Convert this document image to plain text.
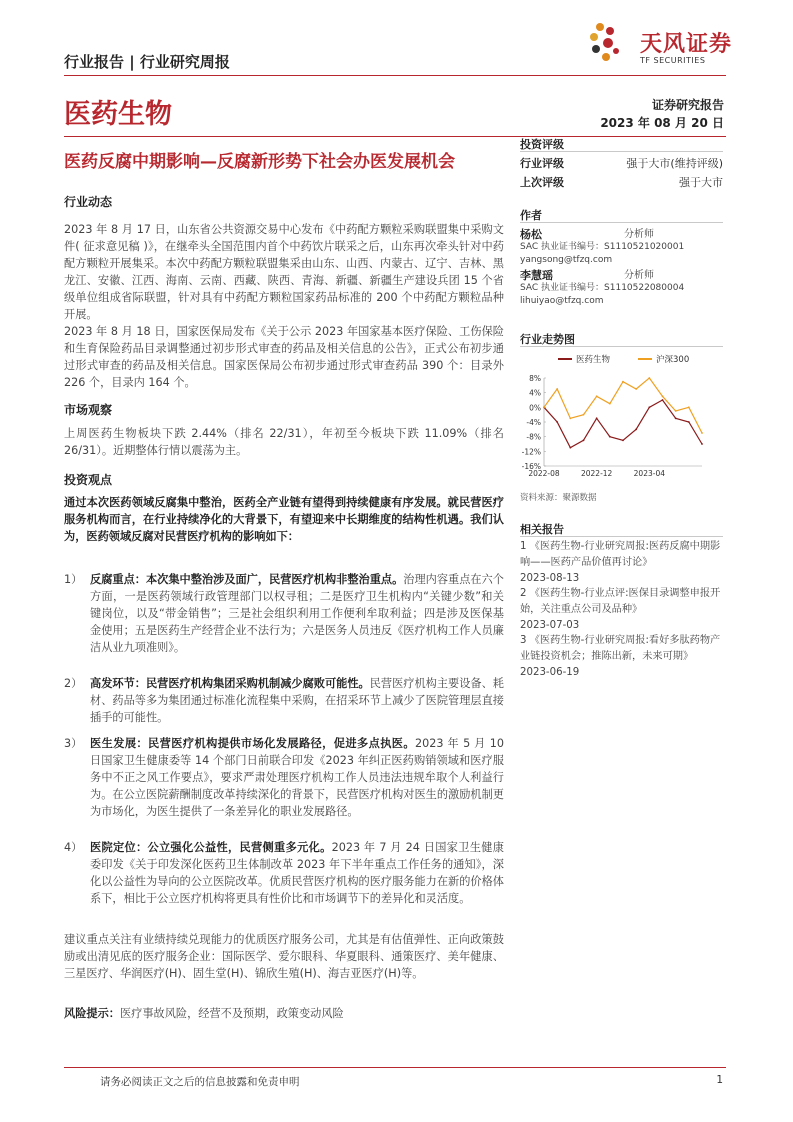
行业报告 | 行业研究周报
天风证券
TF SECURITIES
医药生物	证券研究报告
2023 年 08 月 20 日
医药反腐中期影响—反腐新形势下社会办医发展机会
行业动态
2023 年 8 月 17 日，山东省公共资源交易中心发布《中药配方颗粒采购联盟集中采购文件( 征求意见稿 )》，在继牵头全国范围内首个中药饮片联采之后，山东再次牵头针对中药配方颗粒开展集采。本次中药配方颗粒联盟集采由山东、山西、内蒙古、辽宁、吉林、黑龙江、安徽、江西、海南、云南、西藏、陕西、青海、新疆、新疆生产建设兵团 15 个省级单位组成省际联盟，针对具有中药配方颗粒国家药品标准的 200 个中药配方颗粒品种开展。
2023 年 8 月 18 日，国家医保局发布《关于公示 2023 年国家基本医疗保险、工伤保险和生育保险药品目录调整通过初步形式审查的药品及相关信息的公告》，正式公布初步通过形式审查的药品及相关信息。国家医保局公布初步通过形式审查药品 390 个：目录外 226 个，目录内 164 个。
市场观察
上周医药生物板块下跌 2.44%（排名 22/31），年初至今板块下跌 11.09%（排名 26/31）。近期整体行情以震荡为主。
投资观点
通过本次医药领域反腐集中整治，医药全产业链有望得到持续健康有序发展。就民营医疗服务机构而言，在行业持续净化的大背景下，有望迎来中长期维度的结构性机遇。我们认为，医药领域反腐对民营医疗机构的影响如下：
1） 反腐重点：本次集中整治涉及面广，民营医疗机构非整治重点。治理内容重点在六个方面，一是医药领域行政管理部门以权寻租；二是医疗卫生机构内“关键少数”和关键岗位，以及“带金销售”；三是社会组织利用工作便利牟取利益；四是涉及医保基金使用；五是医药生产经营企业不法行为；六是医务人员违反《医疗机构工作人员廉洁从业九项准则》。
2） 高发环节：民营医疗机构集团采购机制减少腐败可能性。民营医疗机构主要设备、耗材、药品等多为集团通过标准化流程集中采购，在招采环节上减少了医院管理层直接插手的可能性。
3） 医生发展：民营医疗机构提供市场化发展路径，促进多点执医。2023 年 5 月 10 日国家卫生健康委等 14 个部门日前联合印发《2023 年纠正医药购销领域和医疗服务中不正之风工作要点》，要求严肃处理医疗机构工作人员违法违规牟取个人利益行为。在公立医院薪酬制度改革持续深化的背景下，民营医疗机构对医生的激励机制更为市场化，为医生提供了一条差异化的职业发展路径。
4） 医院定位：公立强化公益性，民营侧重多元化。2023 年 7 月 24 日国家卫生健康委印发《关于印发深化医药卫生体制改革 2023 年下半年重点工作任务的通知》，深化以公益性为导向的公立医院改革。优质民营医疗机构的医疗服务能力在新的价格体系下，相比于公立医疗机构将更具有性价比和市场调节下的差异化和灵活度。
建议重点关注有业绩持续兑现能力的优质医疗服务公司，尤其是有估值弹性、正向政策鼓励或出清见底的医疗服务企业：国际医学、爱尔眼科、华夏眼科、通策医疗、美年健康、三星医疗、华润医疗(H)、固生堂(H)、锦欣生殖(H)、海吉亚医疗(H)等。
风险提示：医疗事故风险，经营不及预期，政策变动风险
投资评级
行业评级	强于大市(维持评级)
上次评级	强于大市
作者
杨松	分析师
SAC 执业证书编号：S1110521020001
yangsong@tfzq.com
李慧瑶	分析师
SAC 执业证书编号：S1110522080004
lihuiyao@tfzq.com
行业走势图
医药生物	沪深300
8%
4%
0%
-4%
-8%
-12%
-16%
2022-08	2022-12	2023-04
资料来源：聚源数据
相关报告
1 《医药生物-行业研究周报:医药反腐中期影响——医药产品价值再讨论》
2023-08-13
2 《医药生物-行业点评:医保目录调整申报开始，关注重点公司及品种》
2023-07-03
3 《医药生物-行业研究周报:看好多肽药物产业链投资机会；推陈出新，未来可期》
2023-06-19
请务必阅读正文之后的信息披露和免责申明	1
